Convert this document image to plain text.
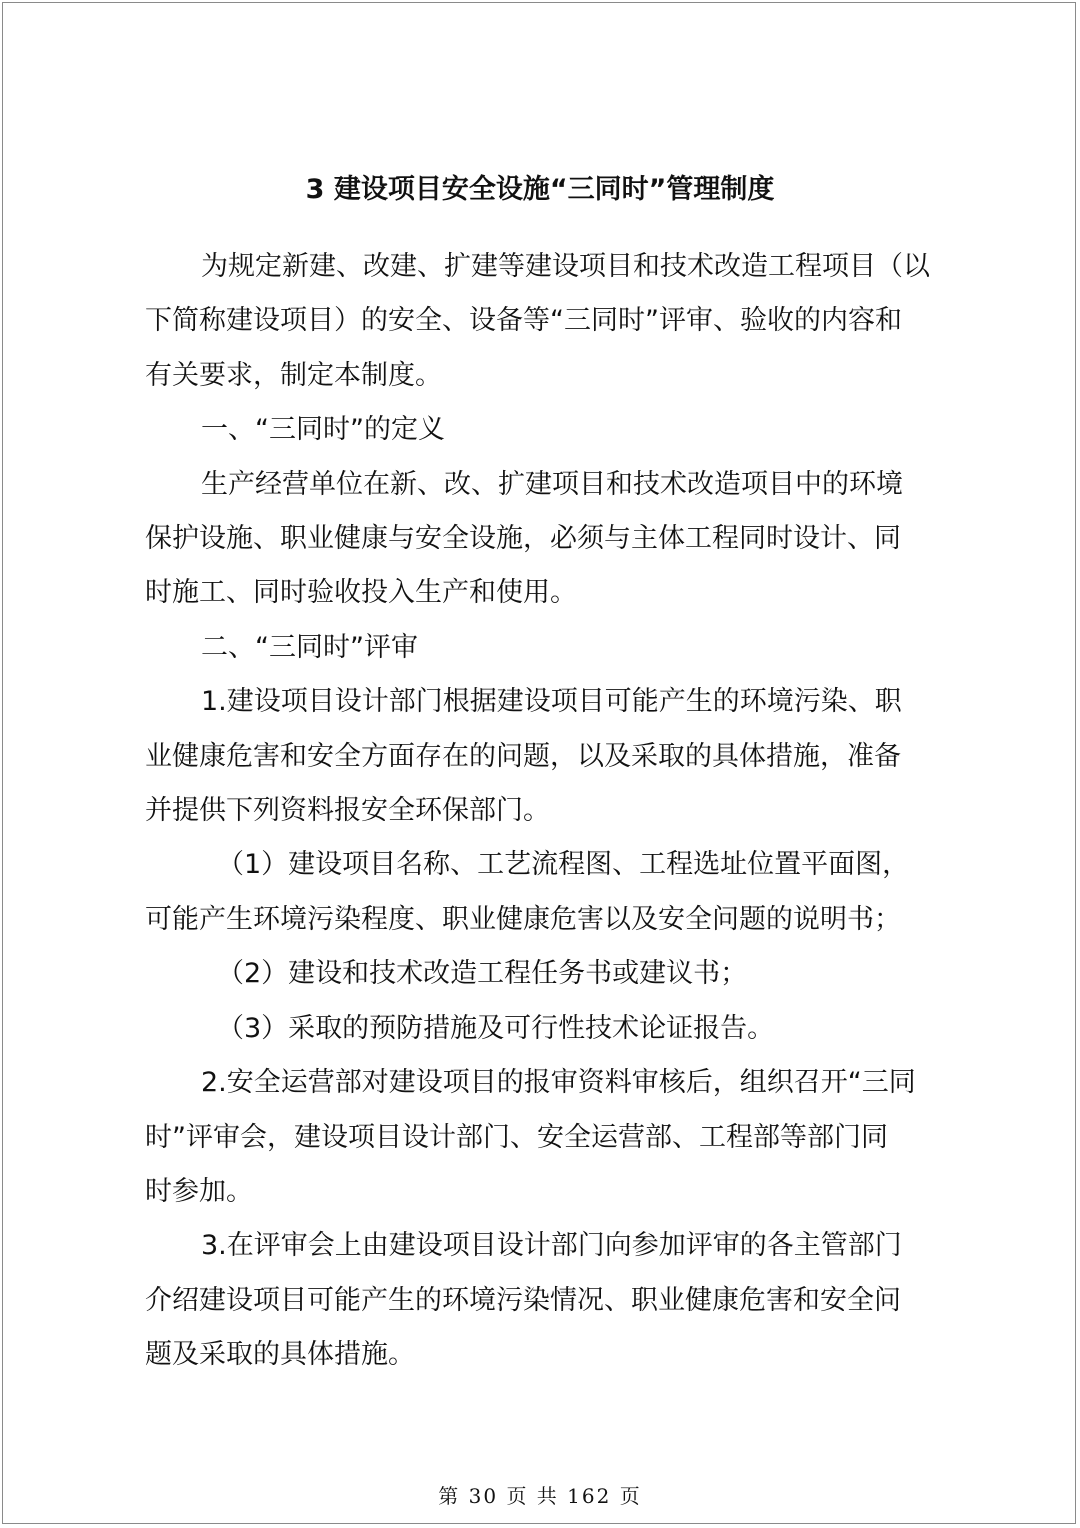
3 建设项目安全设施“三同时”管理制度

为规定新建、改建、扩建等建设项目和技术改造工程项目（以
下简称建设项目）的安全、设备等“三同时”评审、验收的内容和
有关要求，制定本制度。

一、“三同时”的定义

生产经营单位在新、改、扩建项目和技术改造项目中的环境
保护设施、职业健康与安全设施，必须与主体工程同时设计、同
时施工、同时验收投入生产和使用。

二、“三同时”评审

1.建设项目设计部门根据建设项目可能产生的环境污染、职
业健康危害和安全方面存在的问题，以及采取的具体措施，准备
并提供下列资料报安全环保部门。

（1）建设项目名称、工艺流程图、工程选址位置平面图，
可能产生环境污染程度、职业健康危害以及安全问题的说明书；

（2）建设和技术改造工程任务书或建议书；

（3）采取的预防措施及可行性技术论证报告。

2.安全运营部对建设项目的报审资料审核后，组织召开“三同
时”评审会，建设项目设计部门、安全运营部、工程部等部门同
时参加。

3.在评审会上由建设项目设计部门向参加评审的各主管部门
介绍建设项目可能产生的环境污染情况、职业健康危害和安全问
题及采取的具体措施。

第 30 页 共 162 页
